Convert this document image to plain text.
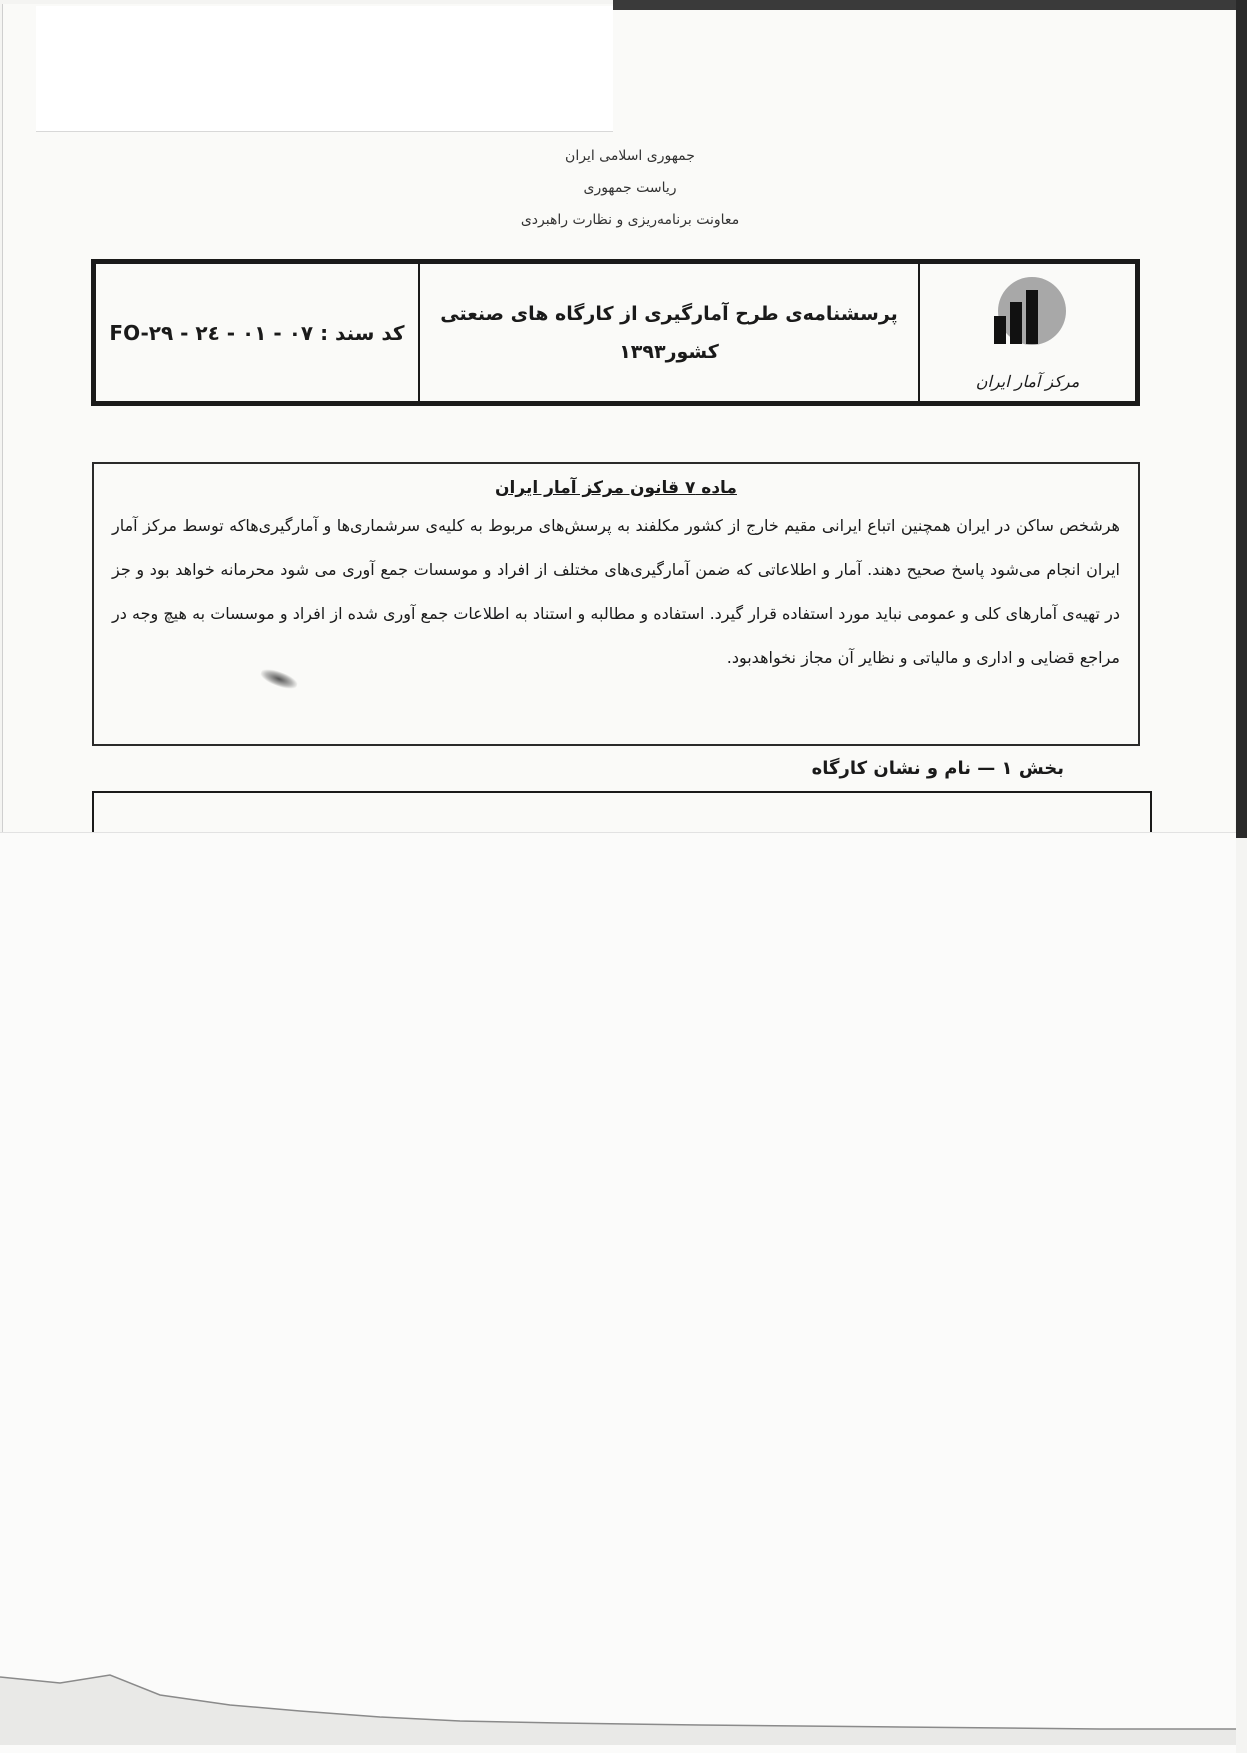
جمهوری اسلامی ایران
ریاست جمهوری
معاونت برنامه‌ریزی و نظارت راهبردی
کد سند : ۰۷ - ۰۱ - FO-۲۹ - ۲٤
پرسشنامه‌ی طرح آمارگیری از کارگاه های صنعتی
کشور۱۳۹۳
مرکز آمار ایران
ماده ۷ قانون مرکز آمار ایران
هرشخص ساکن در ایران همچنین اتباع ایرانی مقیم خارج از کشور مکلفند به پرسش‌های مربوط به کلیه‌ی سرشماری‌ها و آمارگیری‌هاکه توسط مرکز آمار ایران انجام می‌شود پاسخ صحیح دهند. آمار و اطلاعاتی که ضمن آمارگیری‌های مختلف از افراد و موسسات جمع آوری می شود محرمانه خواهد بود و جز در تهیه‌ی آمارهای کلی و عمومی نباید مورد استفاده قرار گیرد. استفاده و مطالبه و استناد به اطلاعات جمع آوری شده از افراد و موسسات به هیچ وجه در مراجع قضایی و اداری و مالیاتی و نظایر آن مجاز نخواهدبود.
بخش ۱ — نام و نشان کارگاه
